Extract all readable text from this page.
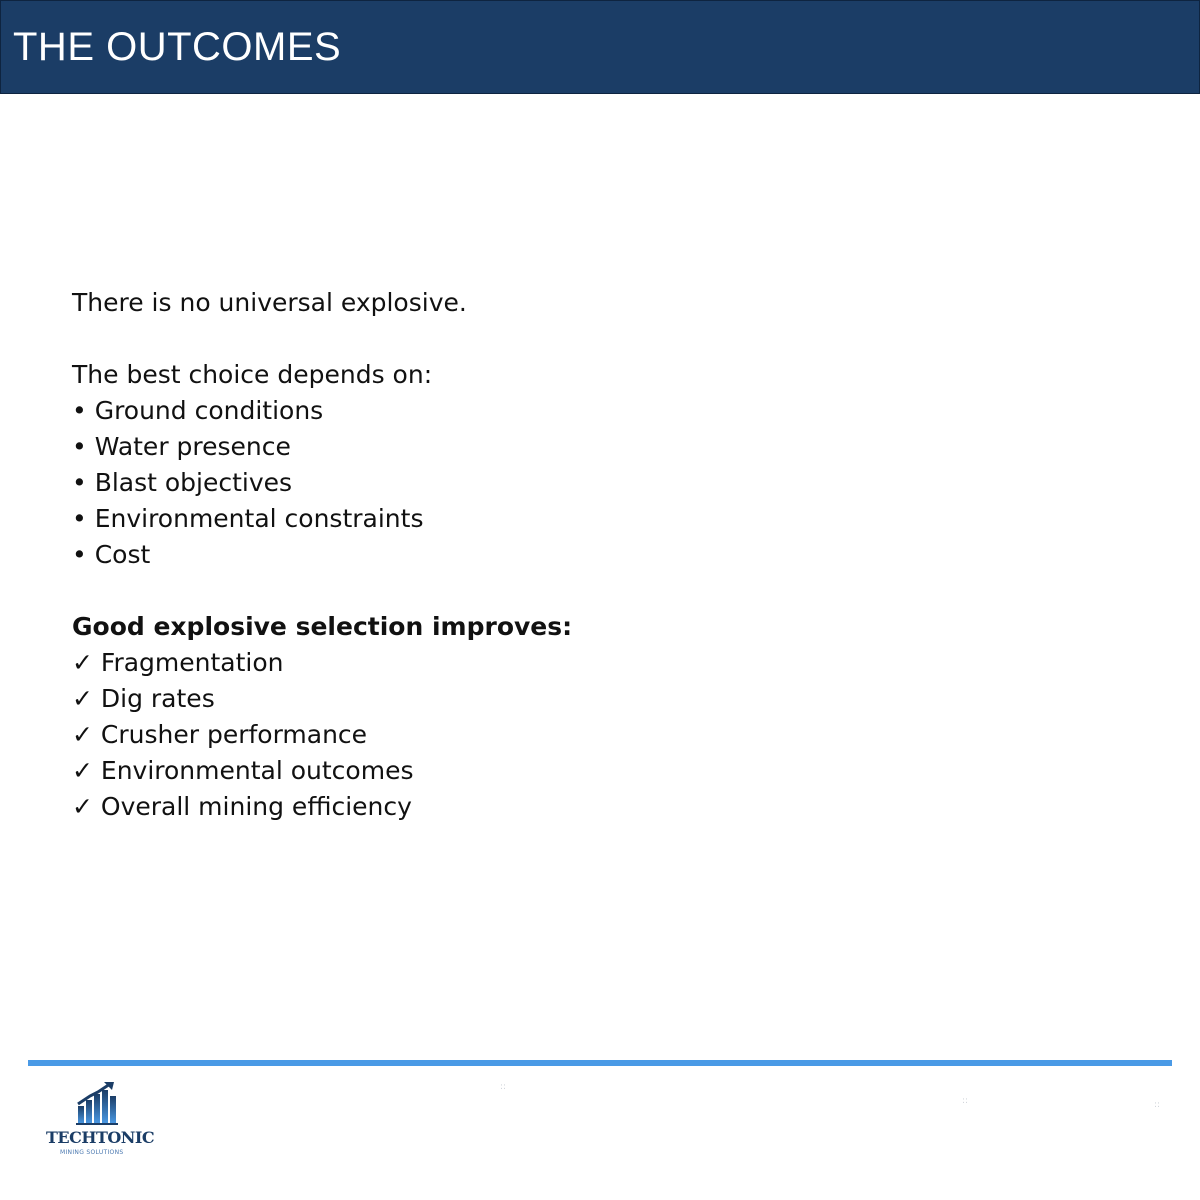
THE OUTCOMES

There is no universal explosive.

The best choice depends on:

• Ground conditions
• Water presence
• Blast objectives
• Environmental constraints
• Cost

Good explosive selection improves:

✓ Fragmentation
✓ Dig rates
✓ Crusher performance
✓ Environmental outcomes
✓ Overall mining efficiency
TECHTONIC
MINING SOLUTIONS
::
::	::
